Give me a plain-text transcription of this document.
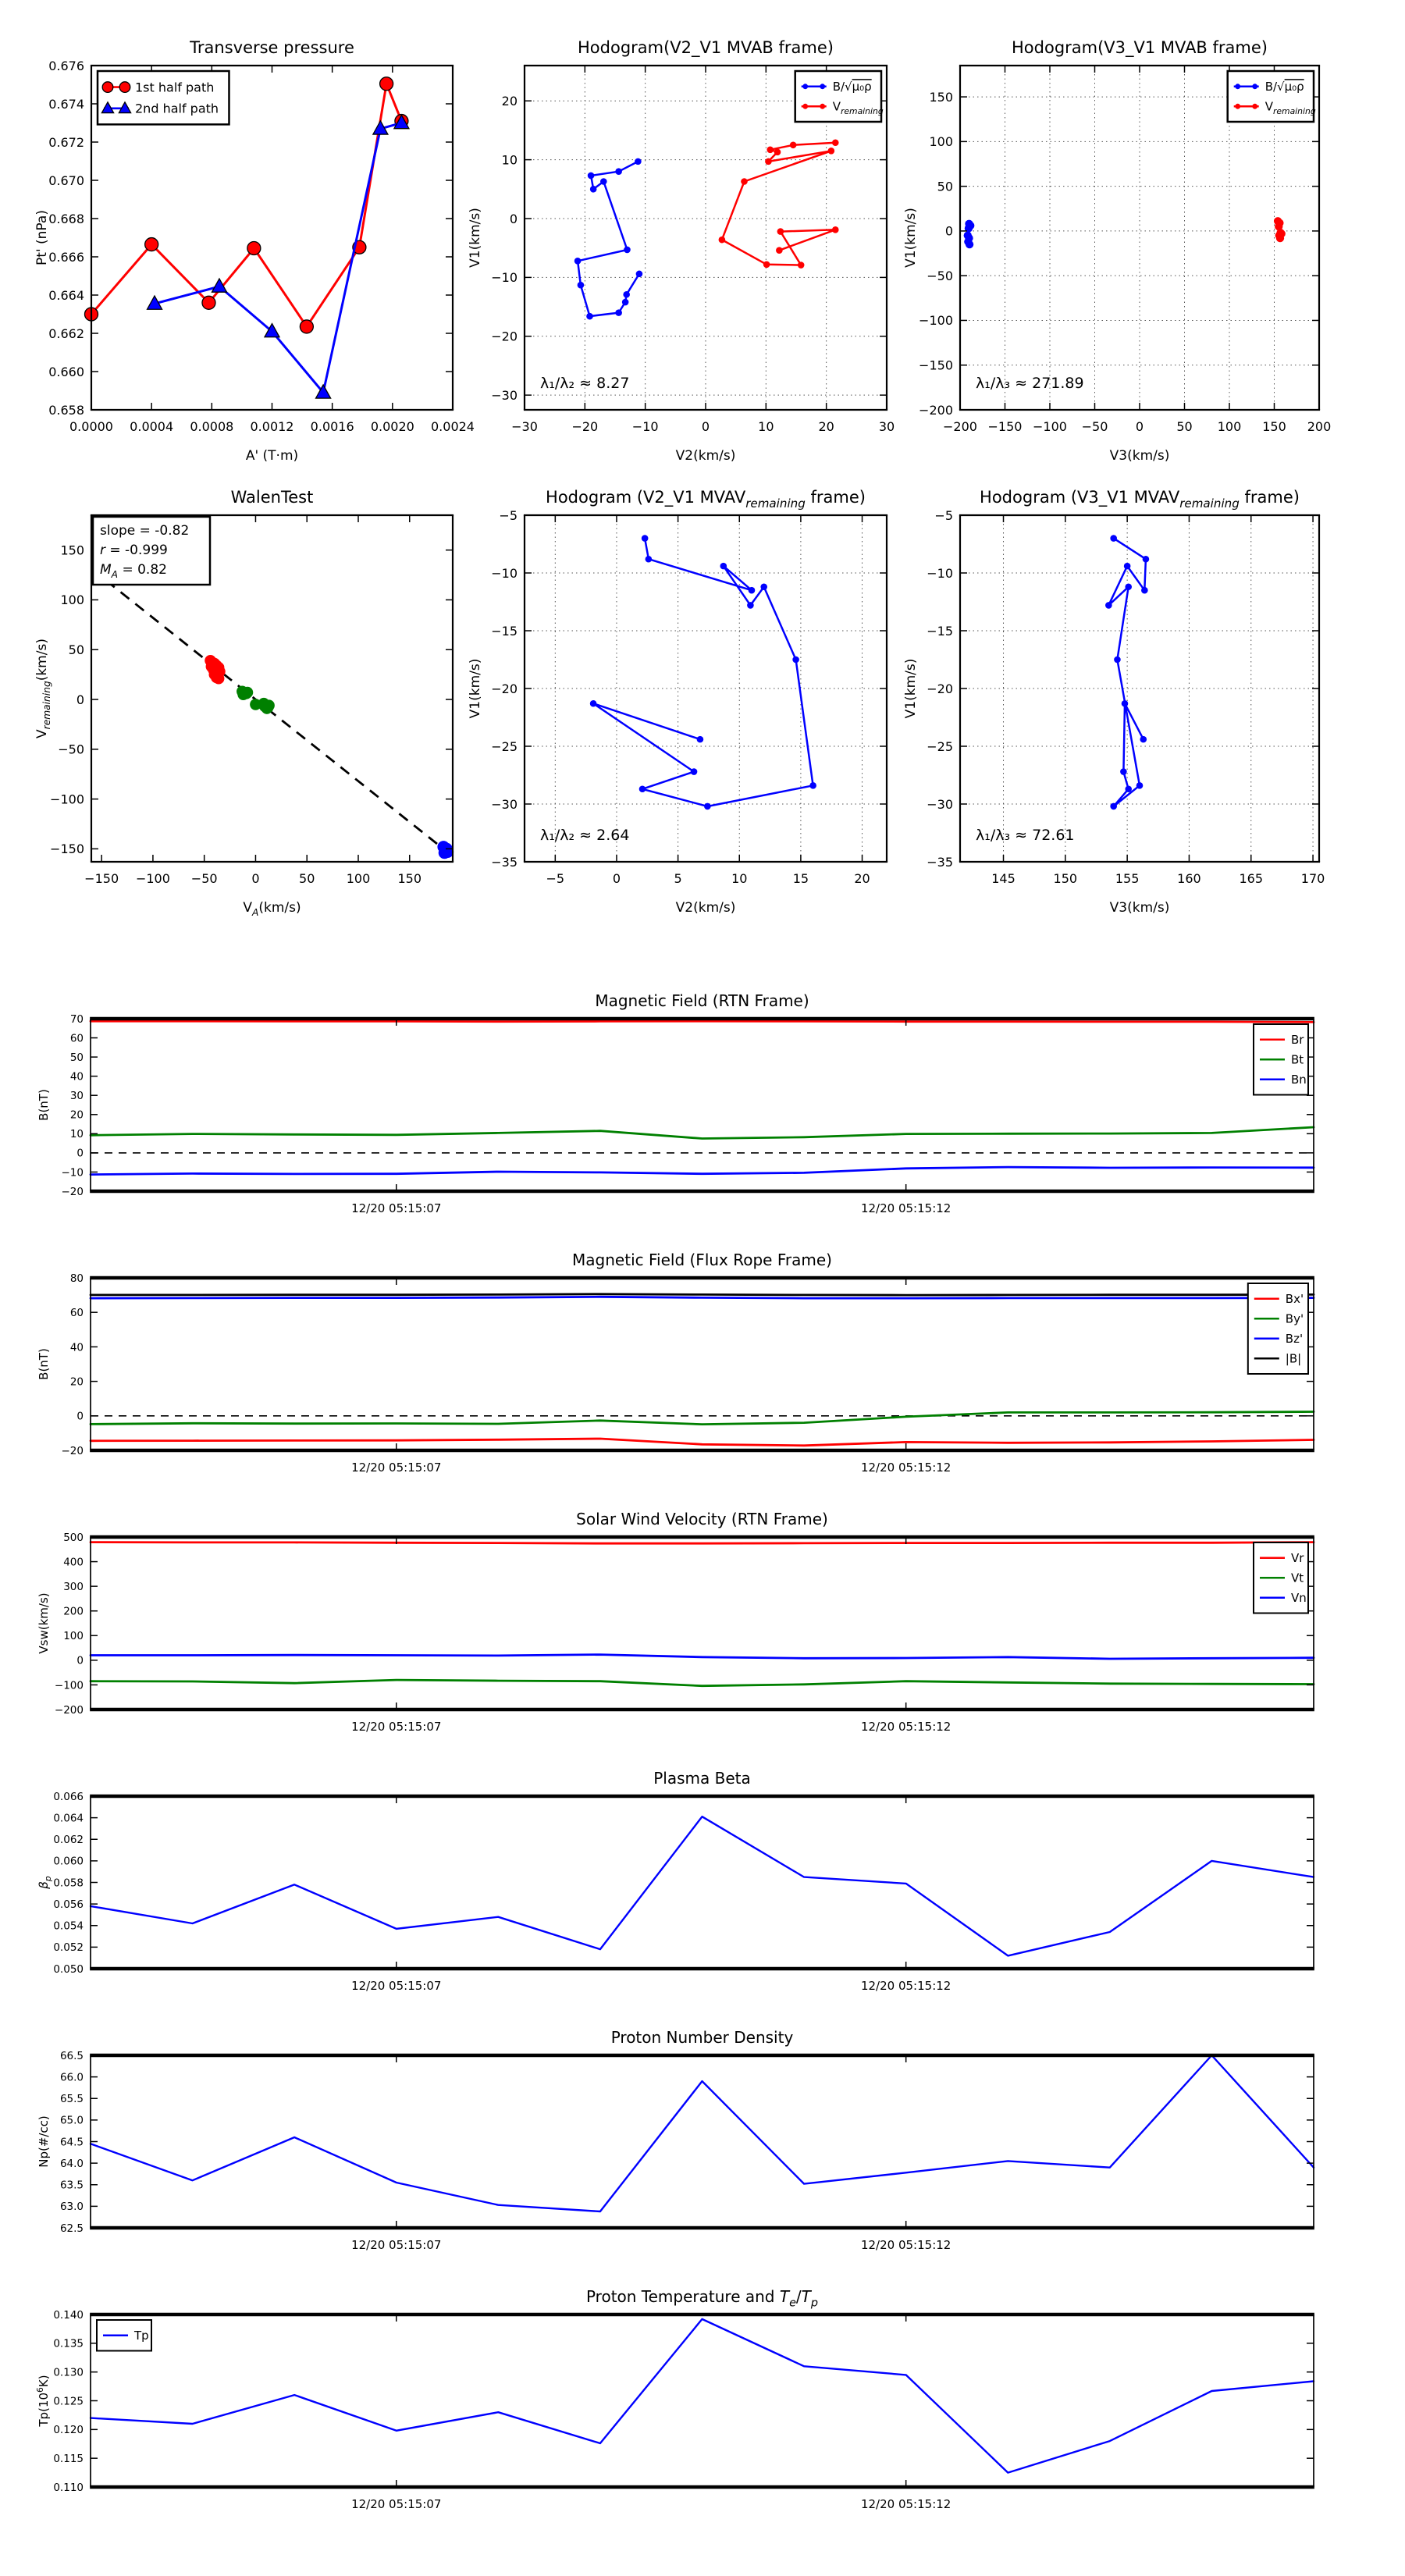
0.0000 0.0004 0.0008 0.0012 0.0016 0.0020 0.0024
0.658
0.660
0.662
0.664
0.666
0.668
0.670
0.672
0.674
0.676
Transverse pressure
A' (T·m)
Pt' (nPa)
1st half path
2nd half path
−30	−20	−10	0	10	20	30
−30
−20
−10
0
10
20
Hodogram(V2_V1 MVAB frame)
V2(km/s)
V1(km/s)
λ₁/λ₂ ≈ 8.27
B/√μ₀ρ
$V_{remaining}$
−200 −150 −100 −50 0	50 100 150 200
−200
−150
−100
−50
0
50
100
150
Hodogram(V3_V1 MVAB frame)
V3(km/s)
V1(km/s)
λ₁/λ₃ ≈ 271.89
B/√μ₀ρ
$V_{remaining}$
−150 −100 −50	0	50	100 150
−150
−100
−50
0
50
100
150
WalenTest
$V_A(km/s)$
$V_{remaining}(km/s)$
slope = -0.82
r = -0.999
$M_A = 0.82$
−5	0	5	10	15	20
−35
−30
−25
−20
−15
−10
−5
Hodogram (V2_V1 $MVAV_{remaining}$ frame)
V2(km/s)
V1(km/s)
λ₁/λ₂ ≈ 2.64
145	150	155	160	165	170
−35
−30
−25
−20
−15
−10
−5
Hodogram (V3_V1 $MVAV_{remaining}$ frame)
V3(km/s)
V1(km/s)
λ₁/λ₃ ≈ 72.61
12/20 05:15:07	12/20 05:15:12
−20
−10
0
10
20
30
40
50
60
70
Magnetic Field (RTN Frame)
B(nT)
Br
Bt
Bn
12/20 05:15:07	12/20 05:15:12
−20
0
20
40
60
80
Magnetic Field (Flux Rope Frame)
B(nT)
Bx'
By'
Bz'
|B|
12/20 05:15:07	12/20 05:15:12
−200
−100
0
100
200
300
400
500
Solar Wind Velocity (RTN Frame)
Vsw(km/s)
Vr
Vt
Vn
12/20 05:15:07	12/20 05:15:12
0.050
0.052
0.054
0.056
0.058
0.060
0.062
0.064
0.066
Plasma Beta
$\beta_p$
12/20 05:15:07	12/20 05:15:12
62.5
63.0
63.5
64.0
64.5
65.0
65.5
66.0
66.5
Proton Number Density
Np(#/cc)
12/20 05:15:07	12/20 05:15:12
0.110
0.115
0.120
0.125
0.130
0.135
0.140
Proton Temperature and $T_e/T_p$
$Tp(10^6K)$
Tp
